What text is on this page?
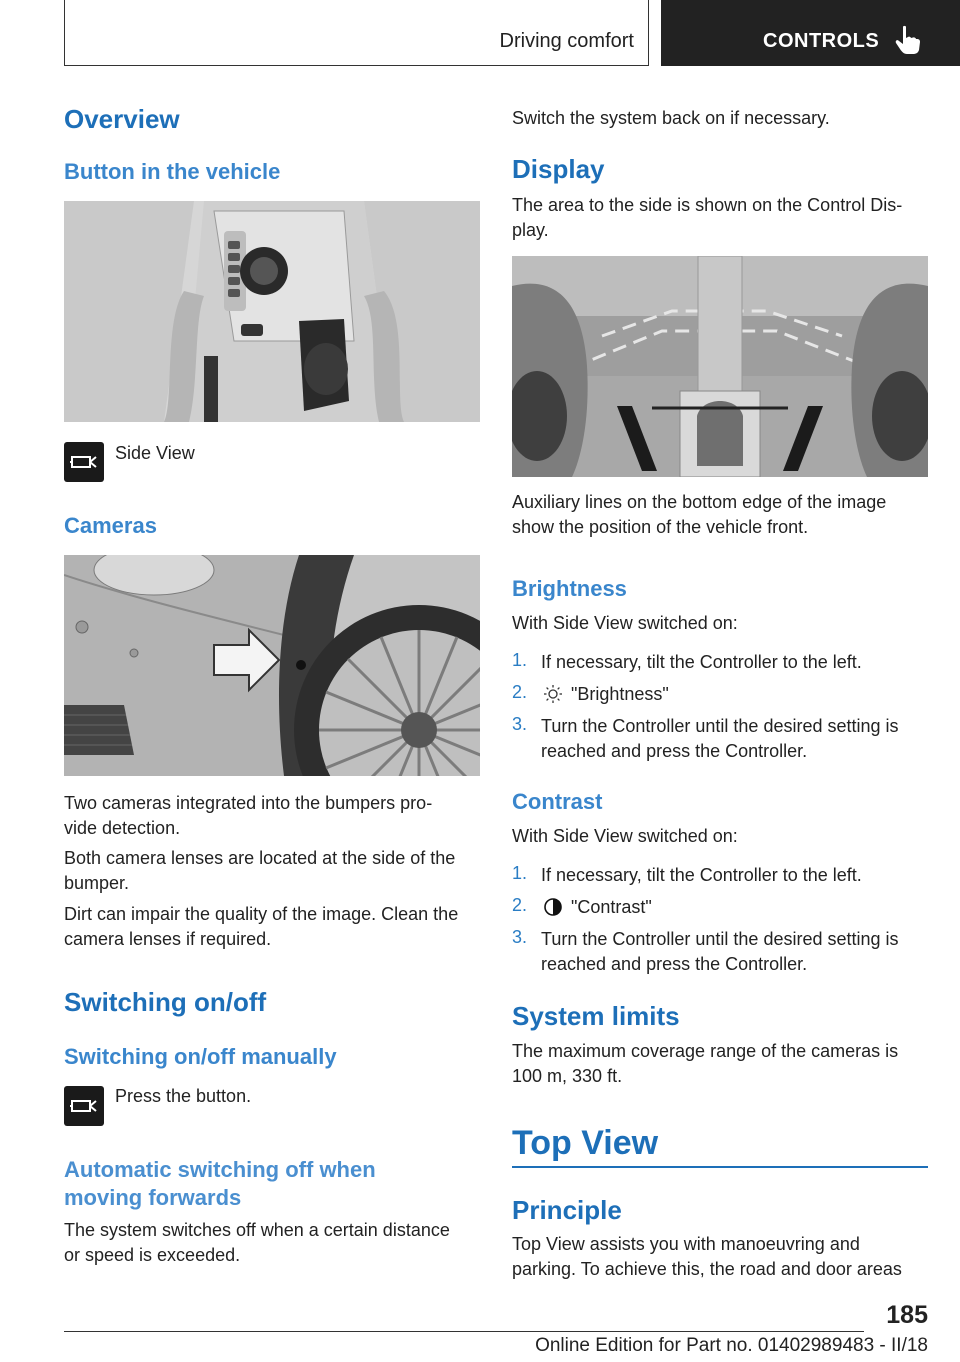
Driving comfort	CONTROLS
Overview
Button in the vehicle
Side View
Cameras
Two cameras integrated into the bumpers pro‐
vide detection.
Both camera lenses are located at the side of the
bumper.
Dirt can impair the quality of the image. Clean the
camera lenses if required.
Switching on/off
Switching on/off manually
Press the button.
Automatic switching off when
moving forwards
The system switches off when a certain distance
or speed is exceeded.
Switch the system back on if necessary.
Display
The area to the side is shown on the Control Dis‐
play.
Auxiliary lines on the bottom edge of the image
show the position of the vehicle front.
Brightness
With Side View switched on:
1. If necessary, tilt the Controller to the left.
2. "Brightness"
3. Turn the Controller until the desired setting is
reached and press the Controller.
Contrast
With Side View switched on:
1. If necessary, tilt the Controller to the left.
2. "Contrast"
3. Turn the Controller until the desired setting is
reached and press the Controller.
System limits
The maximum coverage range of the cameras is
100 m, 330 ft.
Top View
Principle
Top View assists you with manoeuvring and
parking. To achieve this, the road and door areas
185
Online Edition for Part no. 01402989483 - II/18
